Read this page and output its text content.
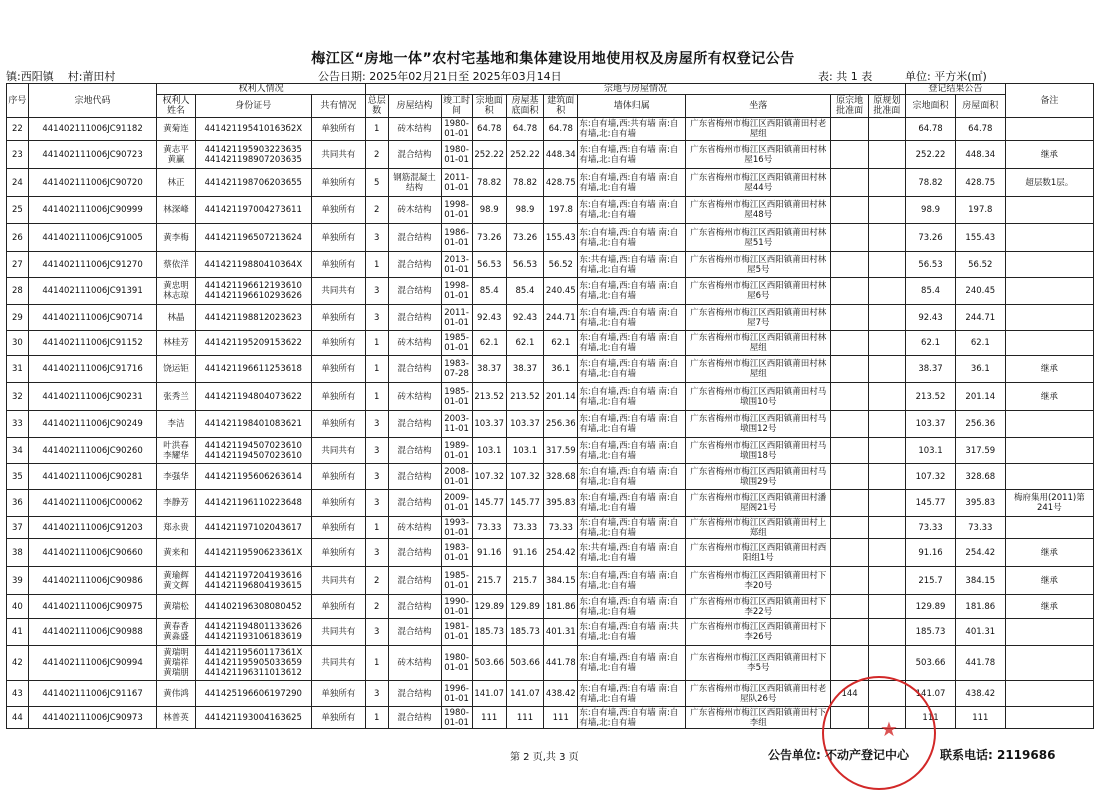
梅江区“房地一体”农村宅基地和集体建设用地使用权及房屋所有权登记公告
镇:西阳镇 村:莆田村	公告日期: 2025年02月21日至 2025年03月14日	表: 共 1 表	单位: 平方米(㎡)
序号	宗地代码	权利人情况			宗地与房屋情况										登记结果公告		备注
		权利人姓名	身份证号	共有情况	总层数	房屋结构	竣工时间	宗地面积	房屋基底面积	建筑面积	墙体归属	坐落	原宗地批准面	原规划批准面	宗地面积	房屋面积	
22	441402111006JC91182	黄菊连	441421195410163б2X	单独所有	1	砖木结构	1980-01-01	64.78	64.78	64.78	东:自有墙,西:共有墙 南:自有墙,北:自有墙	广东省梅州市梅江区西阳镇莆田村老屋组			64.78	64.78	
23	441402111006JC90723	黄志平 黄赢	441421195903223635 441421198907203635	共同共有	2	混合结构	1980-01-01	252.22	252.22	448.34	东:自有墙,西:自有墙 南:自有墙,北:自有墙	广东省梅州市梅江区西阳镇莆田村林屋16号			252.22	448.34	继承
24	441402111006JC90720	林正	441421198706203655	单独所有	5	钢筋混凝土结构	2011-01-01	78.82	78.82	428.75	东:自有墙,西:自有墙 南:自有墙,北:自有墙	广东省梅州市梅江区西阳镇莆田村林屋44号			78.82	428.75	超层数1层。
25	441402111006JC90999	林深峰	441421197004273611	单独所有	2	砖木结构	1998-01-01	98.9	98.9	197.8	东:自有墙,西:自有墙 南:自有墙,北:自有墙	广东省梅州市梅江区西阳镇莆田村林屋48号			98.9	197.8	
26	441402111006JC91005	黄李梅	441421196507213624	单独所有	3	混合结构	1986-01-01	73.26	73.26	155.43	东:自有墙,西:自有墙 南:自有墙,北:自有墙	广东省梅州市梅江区西阳镇莆田村林屋51号			73.26	155.43	
27	441402111006JC91270	蔡依洋	44142119880410364X	单独所有	1	混合结构	2013-01-01	56.53	56.53	56.52	东:共有墙,西:自有墙 南:自有墙,北:自有墙	广东省梅州市梅江区西阳镇莆田村林屋5号			56.53	56.52	
28	441402111006JC91391	黄忠明 林志琼	441421196612193610 441421196610293626	共同共有	3	混合结构	1998-01-01	85.4	85.4	240.45	东:自有墙,西:自有墙 南:自有墙,北:自有墙	广东省梅州市梅江区西阳镇莆田村林屋6号			85.4	240.45	
29	441402111006JC90714	林晶	441421198812023623	单独所有	3	混合结构	2011-01-01	92.43	92.43	244.71	东:自有墙,西:自有墙 南:自有墙,北:自有墙	广东省梅州市梅江区西阳镇莆田村林屋7号			92.43	244.71	
30	441402111006JC91152	林桂芳	441421195209153622	单独所有	1	砖木结构	1985-01-01	62.1	62.1	62.1	东:自有墙,西:自有墙 南:自有墙,北:自有墙	广东省梅州市梅江区西阳镇莆田村林屋组			62.1	62.1	
31	441402111006JC91716	饶运钜	441421196611253618	单独所有	1	混合结构	1983-07-28	38.37	38.37	36.1	东:自有墙,西:自有墙 南:自有墙,北:自有墙	广东省梅州市梅江区西阳镇莆田村林屋组			38.37	36.1	继承
32	441402111006JC90231	张秀兰	441421194804073622	单独所有	1	砖木结构	1985-01-01	213.52	213.52	201.14	东:自有墙,西:自有墙 南:自有墙,北:自有墙	广东省梅州市梅江区西阳镇莆田村马墩围10号			213.52	201.14	继承
33	441402111006JC90249	李洁	441421198401083621	单独所有	3	混合结构	2003-11-01	103.37	103.37	256.36	东:自有墙,西:自有墙 南:自有墙,北:自有墙	广东省梅州市梅江区西阳镇莆田村马墩围12号			103.37	256.36	
34	441402111006JC90260	叶洪春 李耀华	441421194507023610 441421194507023610	共同共有	3	混合结构	1989-01-01	103.1	103.1	317.59	东:自有墙,西:自有墙 南:自有墙,北:自有墙	广东省梅州市梅江区西阳镇莆田村马墩围18号			103.1	317.59	
35	441402111006JC90281	李强华	441421195606263614	单独所有	3	混合结构	2008-01-01	107.32	107.32	328.68	东:自有墙,西:自有墙 南:自有墙,北:自有墙	广东省梅州市梅江区西阳镇莆田村马墩围29号			107.32	328.68	
36	441402111006JC00062	李静芳	441421196110223648	单独所有	3	混合结构	2009-01-01	145.77	145.77	395.83	东:自有墙,西:自有墙 南:自有墙,北:自有墙	广东省梅州市梅江区西阳镇莆田村潘屋阁21号			145.77	395.83	梅府集用(2011)第241号
37	441402111006JC91203	郑永贵	441421197102043617	单独所有	1	砖木结构	1993-01-01	73.33	73.33	73.33	东:自有墙,西:自有墙 南:自有墙,北:自有墙	广东省梅州市梅江区西阳镇莆田村上郑组			73.33	73.33	
38	441402111006JC90660	黄来和	44142119590623361X	单独所有	3	混合结构	1983-01-01	91.16	91.16	254.42	东:共有墙,西:自有墙 南:自有墙,北:自有墙	广东省梅州市梅江区西阳镇莆田村西阳组1号			91.16	254.42	继承
39	441402111006JC90986	黄瑜辉 黄文辉	441421197204193616 441421196804193615	共同共有	2	混合结构	1985-01-01	215.7	215.7	384.15	东:自有墙,西:自有墙 南:自有墙,北:自有墙	广东省梅州市梅江区西阳镇莆田村下李20号			215.7	384.15	继承
40	441402111006JC90975	黄瑞松	441402196308080452	单独所有	2	混合结构	1990-01-01	129.89	129.89	181.86	东:自有墙,西:自有墙 南:自有墙,北:自有墙	广东省梅州市梅江区西阳镇莆田村下李22号			129.89	181.86	继承
41	441402111006JC90988	黄春香 黄淼盛	441421194801133626 441421193106183619	共同共有	3	混合结构	1981-01-01	185.73	185.73	401.31	东:自有墙,西:自有墙 南:共有墙,北:自有墙	广东省梅州市梅江区西阳镇莆田村下李26号			185.73	401.31	
42	441402111006JC90994	黄瑞明 黄瑞祥 黄瑞朋	44142119560117361X 441421195905033659 441421196311013612	共同共有	1	砖木结构	1980-01-01	503.66	503.66	441.78	东:自有墙,西:自有墙 南:自有墙,北:自有墙	广东省梅州市梅江区西阳镇莆田村下李5号			503.66	441.78	
43	441402111006JC91167	黄伟鸿	441425196606197290	单独所有	3	混合结构	1996-01-01	141.07	141.07	438.42	东:自有墙,西:自有墙 南:自有墙,北:自有墙	广东省梅州市梅江区西阳镇莆田村老屋队26号	144		141.07	438.42	
44	441402111006JC90973	林普英	441421193004163625	单独所有	1	混合结构	1980-01-01	111	111	111	东:自有墙,西:自有墙 南:自有墙,北:自有墙	广东省梅州市梅江区西阳镇莆田村下李组			111	111	
★
第 2 页,共 3 页	公告单位: 不动产登记中心	联系电话: 2119686
